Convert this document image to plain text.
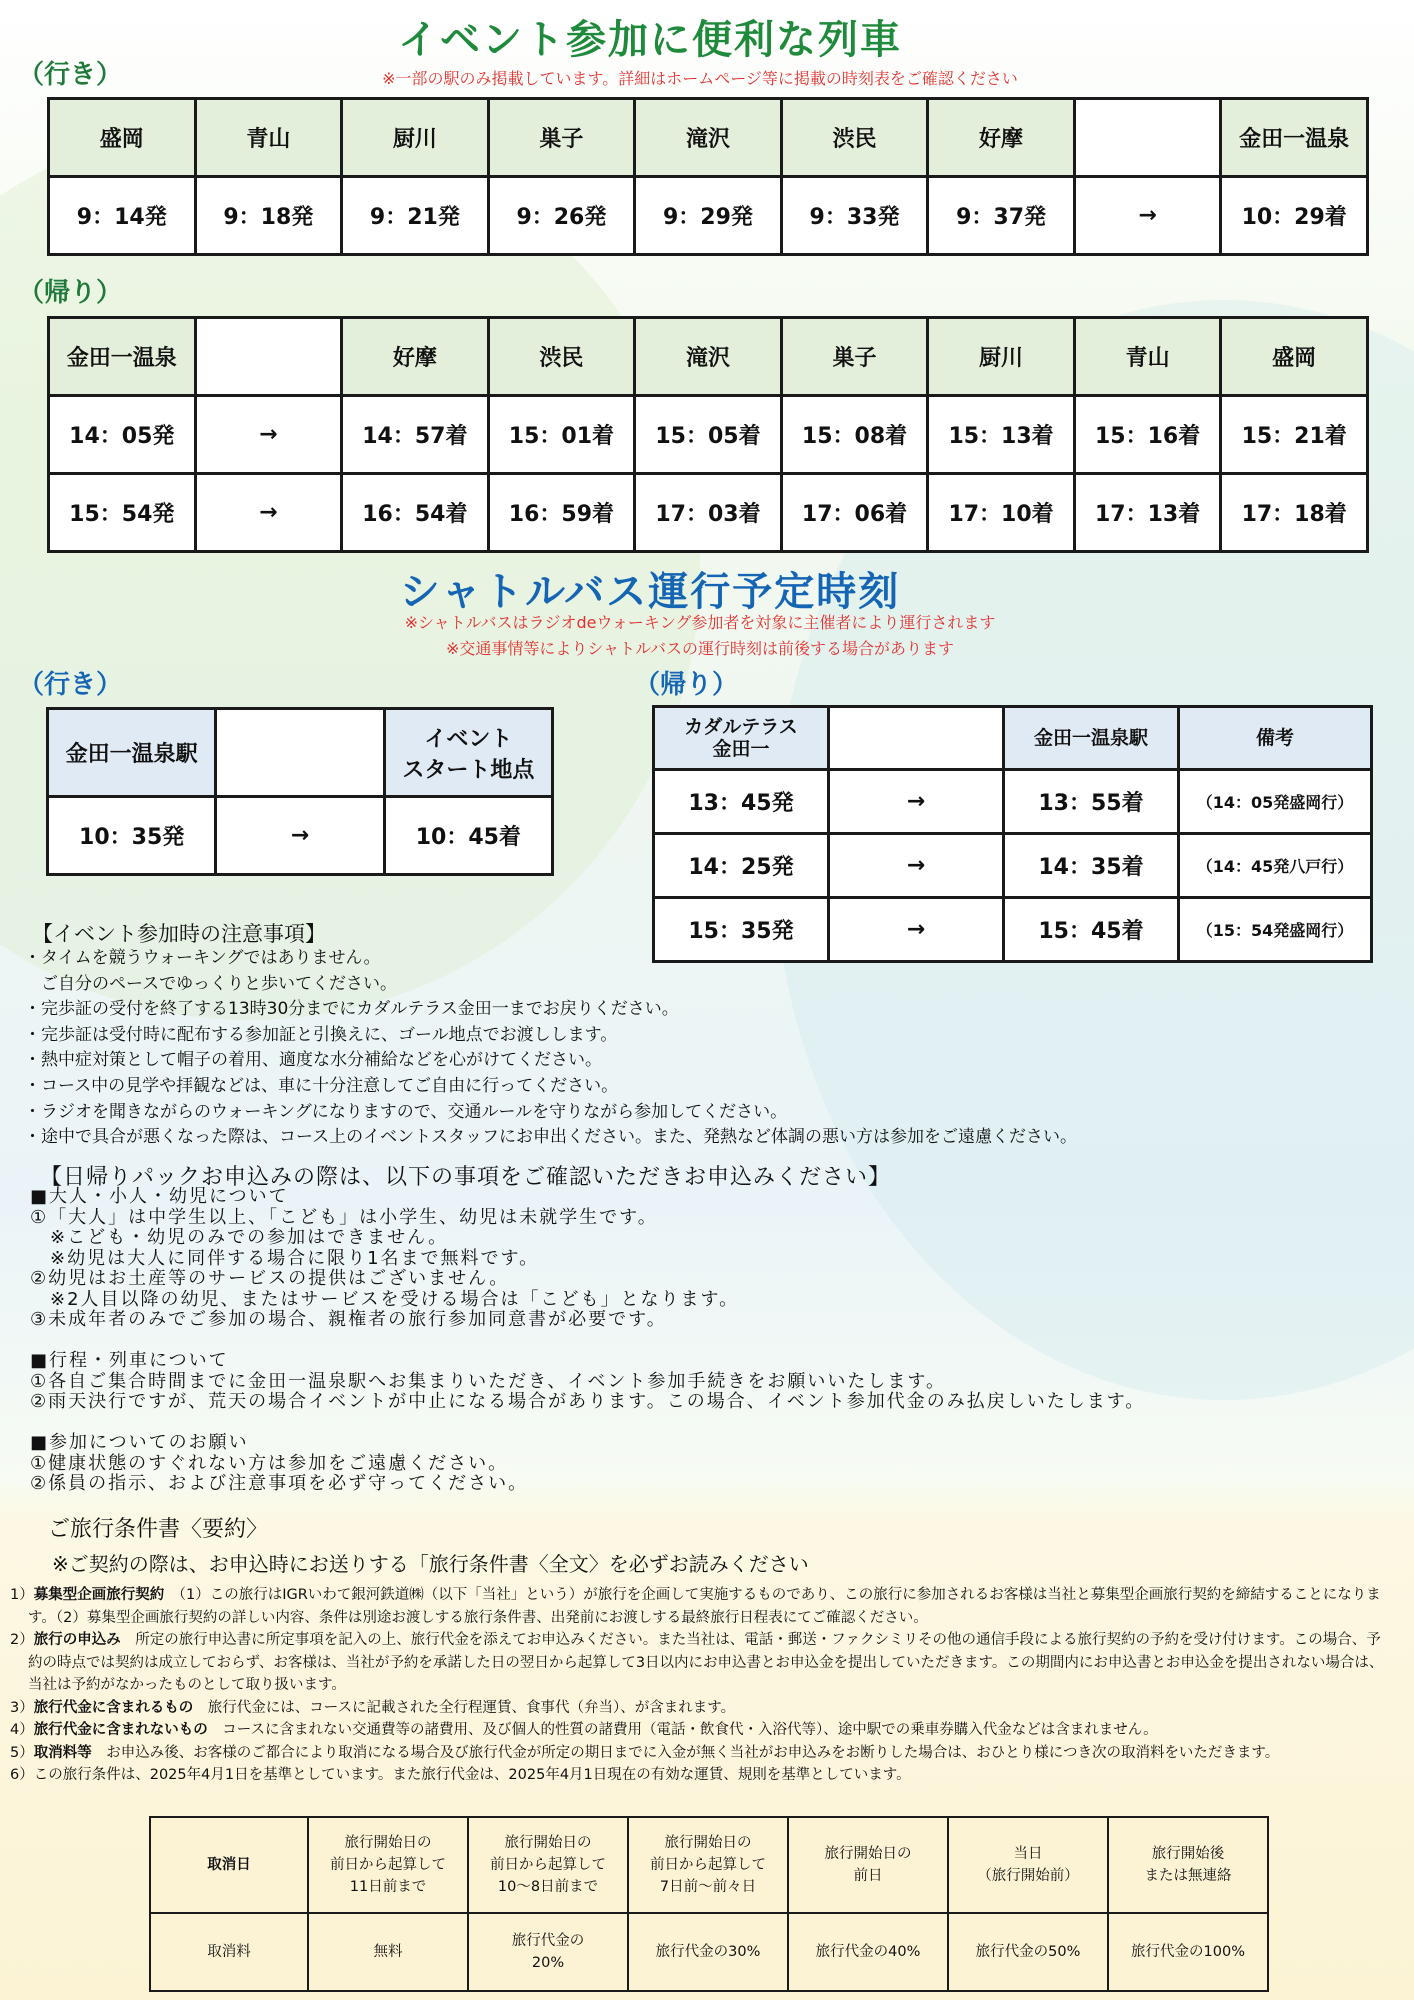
イベント参加に便利な列車
（行き）	※一部の駅のみ掲載しています。詳細はホームページ等に掲載の時刻表をご確認ください
盛岡	青山	厨川	巣子	滝沢	渋民	好摩		金田一温泉
9：14発	9：18発	9：21発	9：26発	9：29発	9：33発	9：37発	→	10：29着
（帰り）
金田一温泉		好摩	渋民	滝沢	巣子	厨川	青山	盛岡
14：05発	→	14：57着	15：01着	15：05着	15：08着	15：13着	15：16着	15：21着
15：54発	→	16：54着	16：59着	17：03着	17：06着	17：10着	17：13着	17：18着
シャトルバス運行予定時刻
※シャトルバスはラジオdeウォーキング参加者を対象に主催者により運行されます
※交通事情等によりシャトルバスの運行時刻は前後する場合があります
（行き）
金田一温泉駅		イベント
スタート地点
10：35発	→	10：45着
（帰り）
カダルテラス
金田一		金田一温泉駅	備考
13：45発	→	13：55着	（14：05発盛岡行）
14：25発	→	14：35着	（14：45発八戸行）
15：35発	→	15：45着	（15：54発盛岡行）
【イベント参加時の注意事項】
・タイムを競うウォーキングではありません。
　ご自分のペースでゆっくりと歩いてください。
・完歩証の受付を終了する13時30分までにカダルテラス金田一までお戻りください。
・完歩証は受付時に配布する参加証と引換えに、ゴール地点でお渡しします。
・熱中症対策として帽子の着用、適度な水分補給などを心がけてください。
・コース中の見学や拝観などは、車に十分注意してご自由に行ってください。
・ラジオを聞きながらのウォーキングになりますので、交通ルールを守りながら参加してください。
・途中で具合が悪くなった際は、コース上のイベントスタッフにお申出ください。また、発熱など体調の悪い方は参加をご遠慮ください。
【日帰りパックお申込みの際は、以下の事項をご確認いただきお申込みください】
■大人・小人・幼児について
①「大人」は中学生以上、「こども」は小学生、幼児は未就学生です。
　※こども・幼児のみでの参加はできません。
　※幼児は大人に同伴する場合に限り1名まで無料です。
②幼児はお土産等のサービスの提供はございません。
　※2人目以降の幼児、またはサービスを受ける場合は「こども」となります。
③未成年者のみでご参加の場合、親権者の旅行参加同意書が必要です。

■行程・列車について
①各自ご集合時間までに金田一温泉駅へお集まりいただき、イベント参加手続きをお願いいたします。
②雨天決行ですが、荒天の場合イベントが中止になる場合があります。この場合、イベント参加代金のみ払戻しいたします。

■参加についてのお願い
①健康状態のすぐれない方は参加をご遠慮ください。
②係員の指示、および注意事項を必ず守ってください。
ご旅行条件書〈要約〉
※ご契約の際は、お申込時にお送りする「旅行条件書〈全文〉を必ずお読みください
1）募集型企画旅行契約　（1）この旅行はIGRいわて銀河鉄道㈱（以下「当社」という）が旅行を企画して実施するものであり、この旅行に参加されるお客様は当社と募集型企画旅行契約を締結することになります。（2）募集型企画旅行契約の詳しい内容、条件は別途お渡しする旅行条件書、出発前にお渡しする最終旅行日程表にてご確認ください。
2）旅行の申込み　所定の旅行申込書に所定事項を記入の上、旅行代金を添えてお申込みください。また当社は、電話・郵送・ファクシミリその他の通信手段による旅行契約の予約を受け付けます。この場合、予約の時点では契約は成立しておらず、お客様は、当社が予約を承諾した日の翌日から起算して3日以内にお申込書とお申込金を提出していただきます。この期間内にお申込書とお申込金を提出されない場合は、当社は予約がなかったものとして取り扱います。
3）旅行代金に含まれるもの　旅行代金には、コースに記載された全行程運賃、食事代（弁当）、が含まれます。
4）旅行代金に含まれないもの　コースに含まれない交通費等の諸費用、及び個人的性質の諸費用（電話・飲食代・入浴代等）、途中駅での乗車券購入代金などは含まれません。
5）取消料等　お申込み後、お客様のご都合により取消になる場合及び旅行代金が所定の期日までに入金が無く当社がお申込みをお断りした場合は、おひとり様につき次の取消料をいただきます。
6）この旅行条件は、2025年4月1日を基準としています。また旅行代金は、2025年4月1日現在の有効な運賃、規則を基準としています。
取消日	旅行開始日の
前日から起算して
11日前まで	旅行開始日の
前日から起算して
10〜8日前まで	旅行開始日の
前日から起算して
7日前〜前々日	旅行開始日の
前日	当日
（旅行開始前）	旅行開始後
または無連絡
取消料	無料	旅行代金の
20%	旅行代金の30%	旅行代金の40%	旅行代金の50%	旅行代金の100%
